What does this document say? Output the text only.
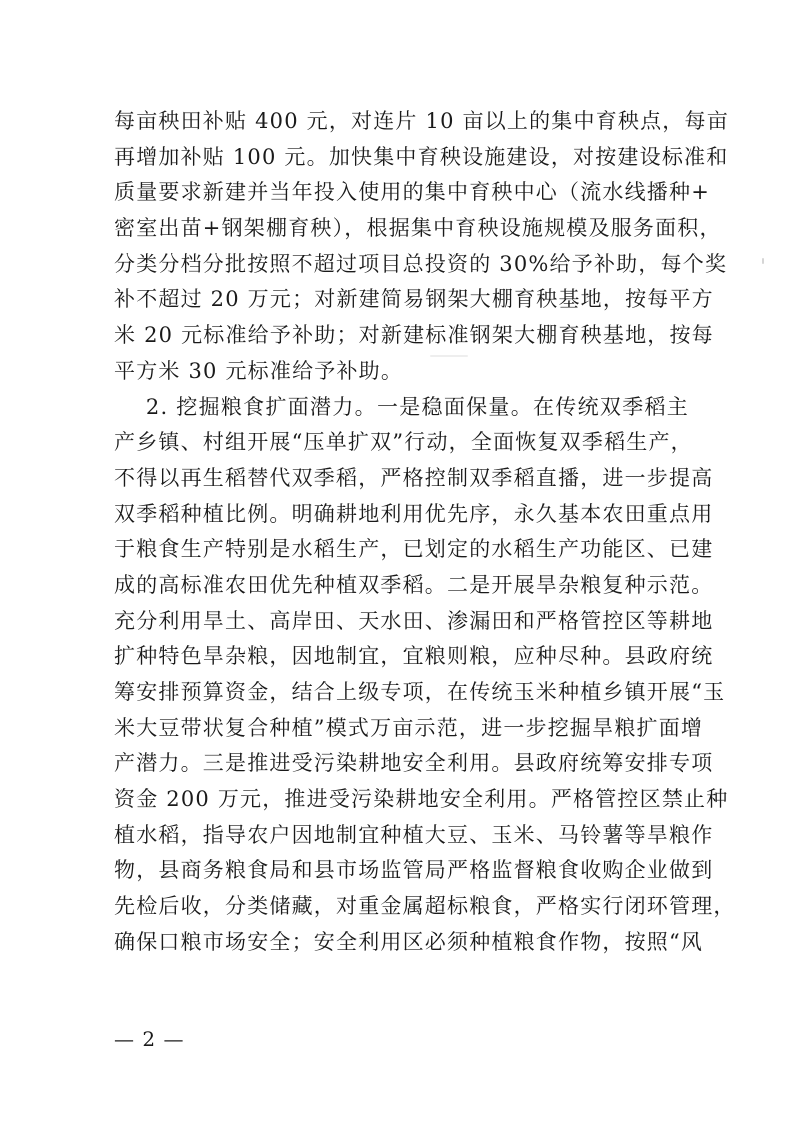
每亩秧田补贴 400 元，对连片 10 亩以上的集中育秧点，每亩
再增加补贴 100 元。加快集中育秧设施建设，对按建设标准和
质量要求新建并当年投入使用的集中育秧中心（流水线播种+
密室出苗+钢架棚育秧），根据集中育秧设施规模及服务面积，
分类分档分批按照不超过项目总投资的 30%给予补助，每个奖
补不超过 20 万元；对新建简易钢架大棚育秧基地，按每平方
米 20 元标准给予补助；对新建标准钢架大棚育秧基地，按每
平方米 30 元标准给予补助。
2. 挖掘粮食扩面潜力。一是稳面保量。在传统双季稻主
产乡镇、村组开展“压单扩双”行动，全面恢复双季稻生产，
不得以再生稻替代双季稻，严格控制双季稻直播，进一步提高
双季稻种植比例。明确耕地利用优先序，永久基本农田重点用
于粮食生产特别是水稻生产，已划定的水稻生产功能区、已建
成的高标准农田优先种植双季稻。二是开展旱杂粮复种示范。
充分利用旱土、高岸田、天水田、渗漏田和严格管控区等耕地
扩种特色旱杂粮，因地制宜，宜粮则粮，应种尽种。县政府统
筹安排预算资金，结合上级专项，在传统玉米种植乡镇开展“玉
米大豆带状复合种植”模式万亩示范，进一步挖掘旱粮扩面增
产潜力。三是推进受污染耕地安全利用。县政府统筹安排专项
资金 200 万元，推进受污染耕地安全利用。严格管控区禁止种
植水稻，指导农户因地制宜种植大豆、玉米、马铃薯等旱粮作
物，县商务粮食局和县市场监管局严格监督粮食收购企业做到
先检后收，分类储藏，对重金属超标粮食，严格实行闭环管理，
确保口粮市场安全；安全利用区必须种植粮食作物，按照“风
— 2 —
